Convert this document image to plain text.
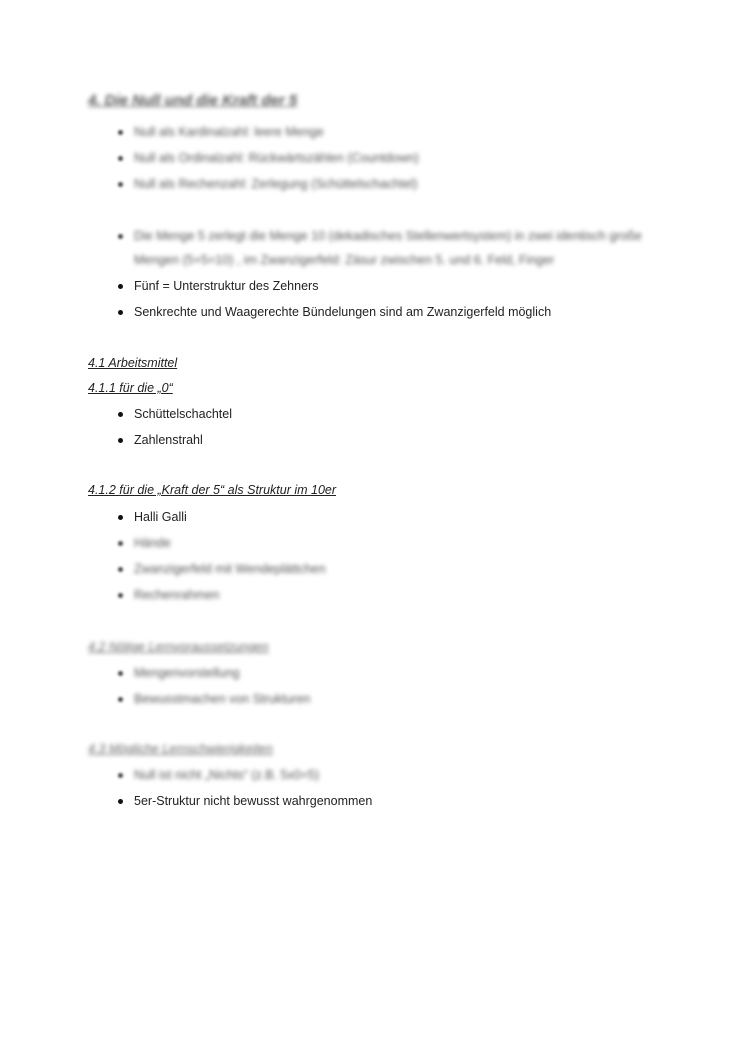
4. Die Null und die Kraft der 5
Null als Kardinalzahl: leere Menge
Null als Ordinalzahl: Rückwärtszählen (Countdown)
Null als Rechenzahl: Zerlegung (Schüttelschachtel)
Die Menge 5 zerlegt die Menge 10 (dekadisches Stellenwertsystem) in zwei identisch große Mengen (5+5=10) , im Zwanzigerfeld: Zäsur zwischen 5. und 6. Feld, Finger
Fünf = Unterstruktur des Zehners
Senkrechte und Waagerechte Bündelungen sind am Zwanzigerfeld möglich
4.1 Arbeitsmittel
4.1.1 für die „0“
Schüttelschachtel
Zahlenstrahl
4.1.2 für die „Kraft der 5“ als Struktur im 10er
Halli Galli
Hände
Zwanzigerfeld mit Wendeplättchen
Rechenrahmen
4.2 Nötige Lernvoraussetzungen
Mengenvorstellung
Bewusstmachen von Strukturen
4.3 Mögliche Lernschwierigkeiten
Null ist nicht „Nichts“ (z.B. 5x0=5)
5er-Struktur nicht bewusst wahrgenommen
